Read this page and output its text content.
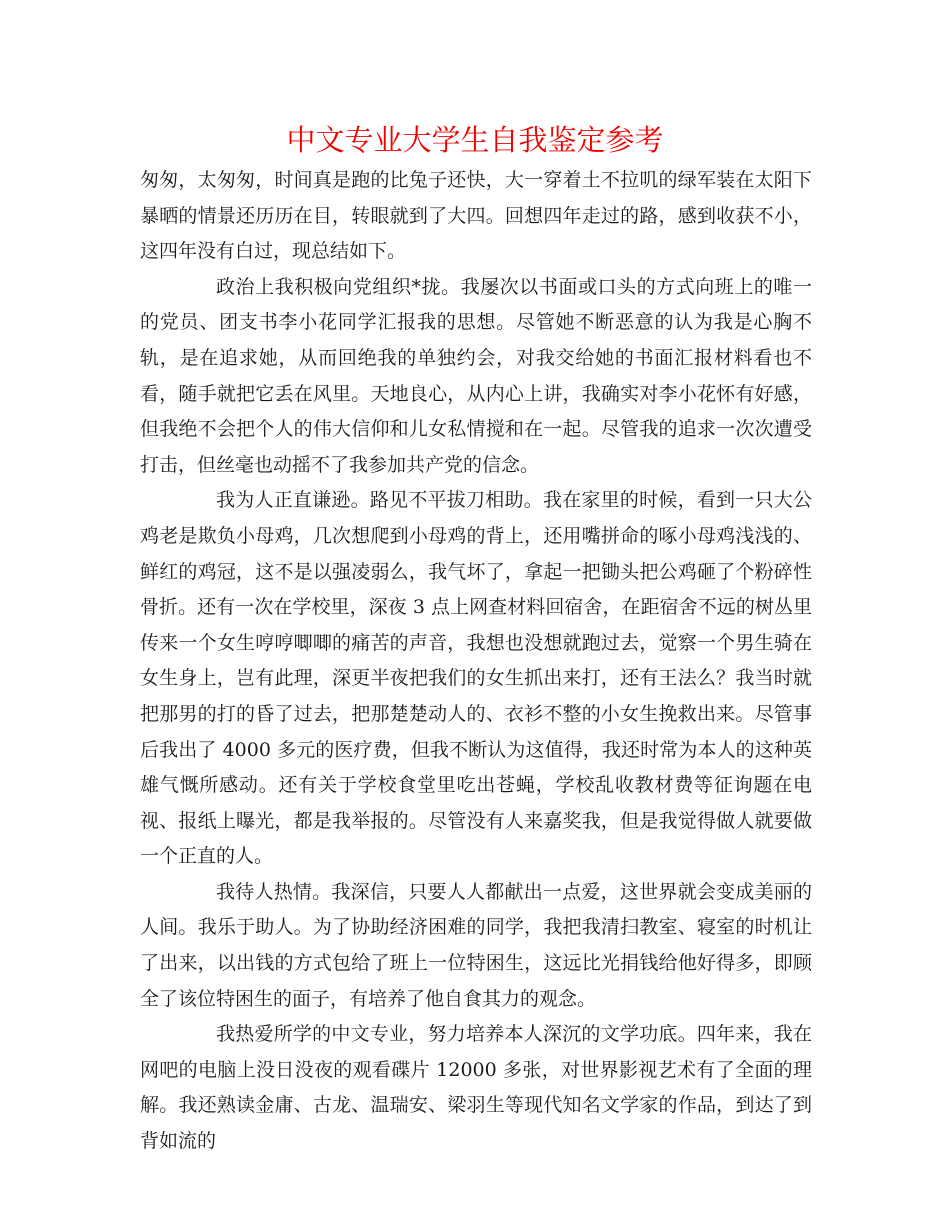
中文专业大学生自我鉴定参考

匆匆，太匆匆，时间真是跑的比兔子还快，大一穿着土不拉叽的绿军装在太阳下暴晒的情景还历历在目，转眼就到了大四。回想四年走过的路，感到收获不小，这四年没有白过，现总结如下。

政治上我积极向党组织*拢。我屡次以书面或口头的方式向班上的唯一的党员、团支书李小花同学汇报我的思想。尽管她不断恶意的认为我是心胸不轨，是在追求她，从而回绝我的单独约会，对我交给她的书面汇报材料看也不看，随手就把它丢在风里。天地良心，从内心上讲，我确实对李小花怀有好感，但我绝不会把个人的伟大信仰和儿女私情搅和在一起。尽管我的追求一次次遭受打击，但丝毫也动摇不了我参加共产党的信念。

我为人正直谦逊。路见不平拔刀相助。我在家里的时候，看到一只大公鸡老是欺负小母鸡，几次想爬到小母鸡的背上，还用嘴拼命的啄小母鸡浅浅的、鲜红的鸡冠，这不是以强凌弱么，我气坏了，拿起一把锄头把公鸡砸了个粉碎性骨折。还有一次在学校里，深夜 3 点上网查材料回宿舍，在距宿舍不远的树丛里传来一个女生哼哼唧唧的痛苦的声音，我想也没想就跑过去，觉察一个男生骑在女生身上，岂有此理，深更半夜把我们的女生抓出来打，还有王法么？我当时就把那男的打的昏了过去，把那楚楚动人的、衣衫不整的小女生挽救出来。尽管事后我出了 4000 多元的医疗费，但我不断认为这值得，我还时常为本人的这种英雄气慨所感动。还有关于学校食堂里吃出苍蝇，学校乱收教材费等征询题在电视、报纸上曝光，都是我举报的。尽管没有人来嘉奖我，但是我觉得做人就要做一个正直的人。

我待人热情。我深信，只要人人都献出一点爱，这世界就会变成美丽的人间。我乐于助人。为了协助经济困难的同学，我把我清扫教室、寝室的时机让了出来，以出钱的方式包给了班上一位特困生，这远比光捐钱给他好得多，即顾全了该位特困生的面子，有培养了他自食其力的观念。

我热爱所学的中文专业，努力培养本人深沉的文学功底。四年来，我在网吧的电脑上没日没夜的观看碟片 12000 多张，对世界影视艺术有了全面的理解。我还熟读金庸、古龙、温瑞安、梁羽生等现代知名文学家的作品，到达了到背如流的
